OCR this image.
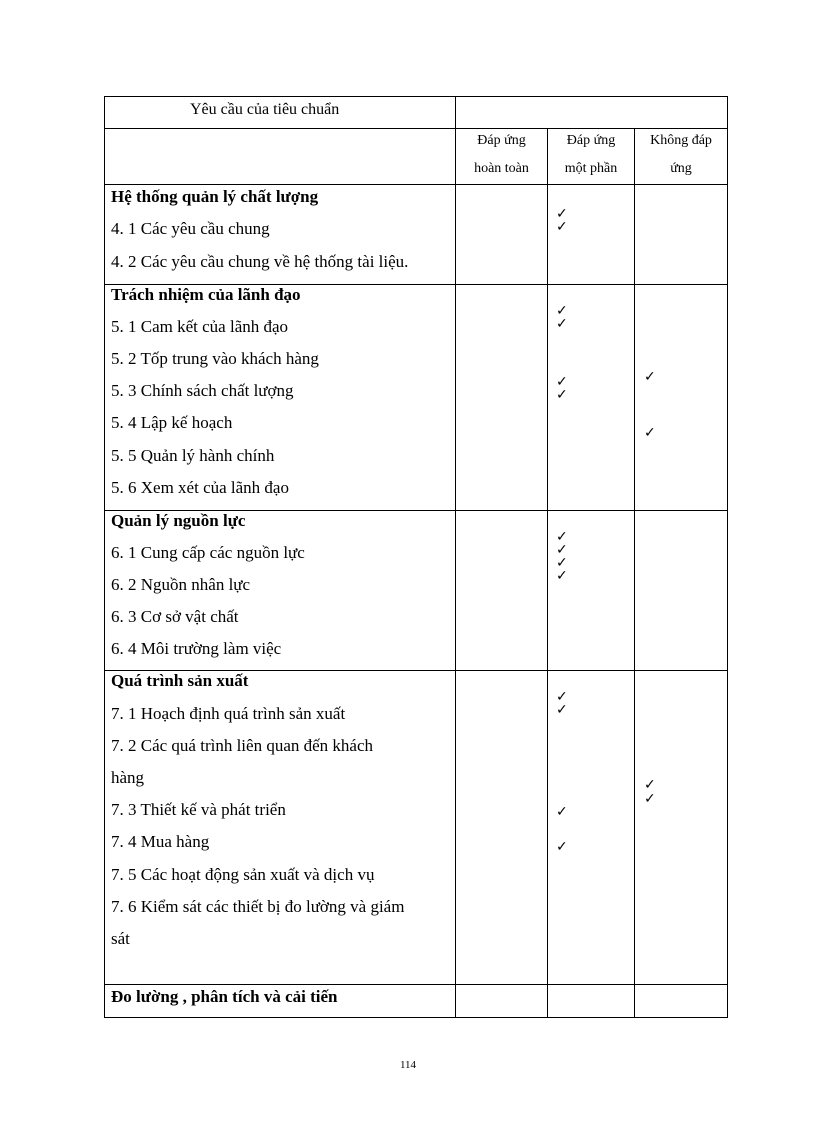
Yêu cầu của tiêu chuẩn
Đáp ứng
hoàn toàn
Đáp ứng
một phần
Không đáp
ứng
Hệ thống quản lý chất lượng
4. 1 Các yêu cầu chung
4. 2 Các yêu cầu chung về hệ thống tài liệu.
✓
✓
Trách nhiệm của lãnh đạo
5. 1 Cam kết của lãnh đạo
5. 2 Tốp trung vào khách hàng
5. 3 Chính sách chất lượng
5. 4 Lập kế hoạch
5. 5 Quản lý hành chính
5. 6 Xem xét của lãnh đạo
✓
✓
✓
✓
✓
✓
Quản lý nguồn lực
6. 1 Cung cấp các nguồn lực
6. 2 Nguồn nhân lực
6. 3 Cơ sở vật chất
6. 4 Môi trường làm việc
✓
✓
✓
✓
Quá trình sản xuất
7. 1 Hoạch định quá trình sản xuất
7. 2 Các quá trình liên quan đến khách
hàng
7. 3 Thiết kế và phát triển
7. 4 Mua hàng
7. 5 Các hoạt động sản xuất và dịch vụ
7. 6 Kiểm sát các thiết bị đo lường và giám
sát
✓
✓
✓
✓
✓
✓
Đo lường , phân tích và cải tiến
114
